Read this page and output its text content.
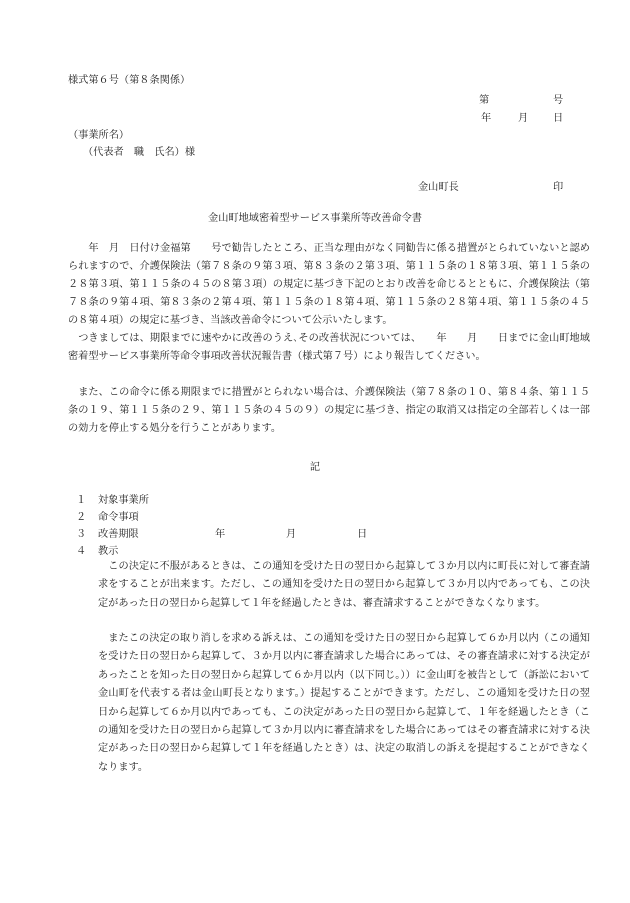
様式第６号（第８条関係）
第	号
年	月 日
（事業所名）
（代表者　職　氏名）様
金山町長	印
金山町地域密着型サービス事業所等改善命令書
年　月　日付け金福第　　号で勧告したところ、正当な理由がなく同勧告に係る措置がとられていないと認められますので、介護保険法（第７８条の９第３項、第８３条の２第３項、第１１５条の１８第３項、第１１５条の２８第３項、第１１５条の４５の８第３項）の規定に基づき下記のとおり改善を命じるとともに、介護保険法（第７８条の９第４項、第８３条の２第４項、第１１５条の１８第４項、第１１５条の２８第４項、第１１５条の４５の８第４項）の規定に基づき、当該改善命令について公示いたします。
つきましては、期限までに速やかに改善のうえ､その改善状況については、　　年　　月　　日までに金山町地域密着型サービス事業所等命令事項改善状況報告書（様式第７号）により報告してください。
また、この命令に係る期限までに措置がとられない場合は、介護保険法（第７８条の１０、第８４条、第１１５条の１９、第１１５条の２９、第１１５条の４５の９）の規定に基づき、指定の取消又は指定の全部若しくは一部の効力を停止する処分を行うことがあります。
記
１ 対象事業所
２ 命令事項
３ 改善期限	年	月	日
４ 教示
この決定に不服があるときは、この通知を受けた日の翌日から起算して３か月以内に町長に対して審査請求をすることが出来ます。ただし、この通知を受けた日の翌日から起算して３か月以内であっても、この決定があった日の翌日から起算して１年を経過したときは、審査請求することができなくなります。
またこの決定の取り消しを求める訴えは、この通知を受けた日の翌日から起算して６か月以内（この通知を受けた日の翌日から起算して、３か月以内に審査請求した場合にあっては、その審査請求に対する決定があったことを知った日の翌日から起算して６か月以内（以下同じ。））に金山町を被告として（訴訟において金山町を代表する者は金山町長となります。）提起することができます。ただし、この通知を受けた日の翌日から起算して６か月以内であっても、この決定があった日の翌日から起算して、１年を経過したとき（この通知を受けた日の翌日から起算して３か月以内に審査請求をした場合にあってはその審査請求に対する決定があった日の翌日から起算して１年を経過したとき）は、決定の取消しの訴えを提起することができなくなります。
